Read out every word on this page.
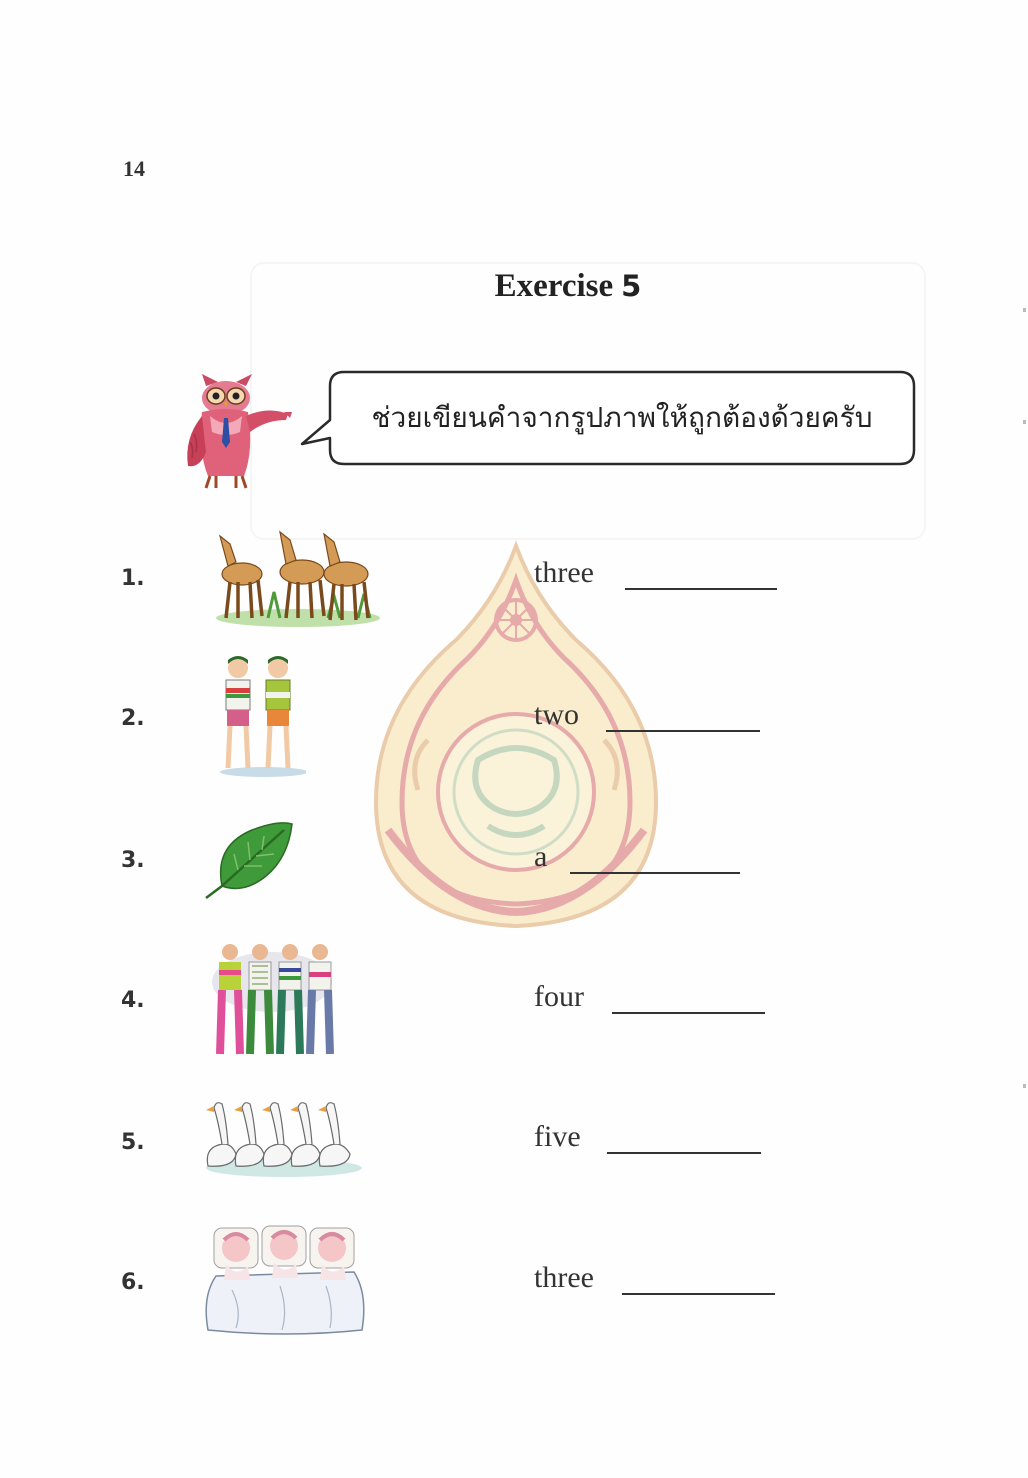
14
Exercise 5
ช่วยเขียนคำจากรูปภาพให้ถูกต้องด้วยครับ
1.	three
2.	two
3.	a
4.	four
5.	five
6.	three
